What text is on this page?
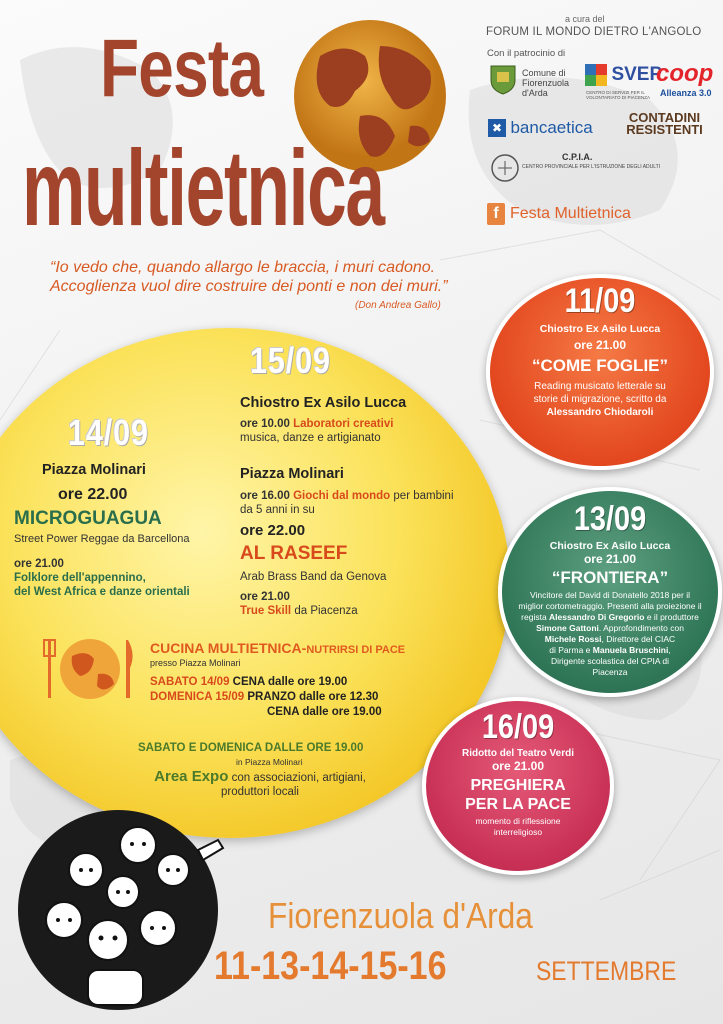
Festa
multietnica
“Io vedo che, quando allargo le braccia, i muri cadono. Accoglienza vuol dire costruire dei ponti e non dei muri.”
(Don Andrea Gallo)
a cura del
FORUM IL MONDO DIETRO L'ANGOLO
Con il patrocinio di
Comune di Fiorenzuola d'Arda
SVEP
CENTRO DI SERVIZI PER IL VOLONTARIATO DI PIACENZA
coop
Alleanza 3.0
✖ bancaetica
CONTADINI RESISTENTI
C.P.I.A.
CENTRO PROVINCIALE PER L'ISTRUZIONE DEGLI ADULTI
f Festa Multietnica
15/09
Chiostro Ex Asilo Lucca
ore 10.00 Laboratori creativi
musica, danze e artigianato
Piazza Molinari
ore 16.00 Giochi dal mondo per bambini
da 5 anni in su
ore 22.00
AL RASEEF
Arab Brass Band da Genova
ore 21.00
True Skill da Piacenza
14/09
Piazza Molinari
ore 22.00
MICROGUAGUA
Street Power Reggae da Barcellona
ore 21.00
Folklore dell'appennino,
del West Africa e danze orientali
CUCINA MULTIETNICA-NUTRIRSI DI PACE
presso Piazza Molinari
SABATO 14/09 CENA dalle ore 19.00
DOMENICA 15/09 PRANZO dalle ore 12.30
CENA dalle ore 19.00
SABATO E DOMENICA DALLE ORE 19.00
in Piazza Molinari
Area Expo con associazioni, artigiani,
produttori locali
11/09
Chiostro Ex Asilo Lucca
ore 21.00
“COME FOGLIE”
Reading musicato letterale su
storie di migrazione, scritto da
Alessandro Chiodaroli
13/09
Chiostro Ex Asilo Lucca
ore 21.00
“FRONTIERA”
Vincitore del David di Donatello 2018 per il
miglior cortometraggio. Presenti alla proiezione il
regista Alessandro Di Gregorio e il produttore
Simone Gattoni. Approfondimento con
Michele Rossi, Direttore del CIAC
di Parma e Manuela Bruschini,
Dirigente scolastica del CPIA di
Piacenza
16/09
Ridotto del Teatro Verdi
ore 21.00
PREGHIERA
PER LA PACE
momento di riflessione
interreligioso
Fiorenzuola d'Arda
11-13-14-15-16	SETTEMBRE
